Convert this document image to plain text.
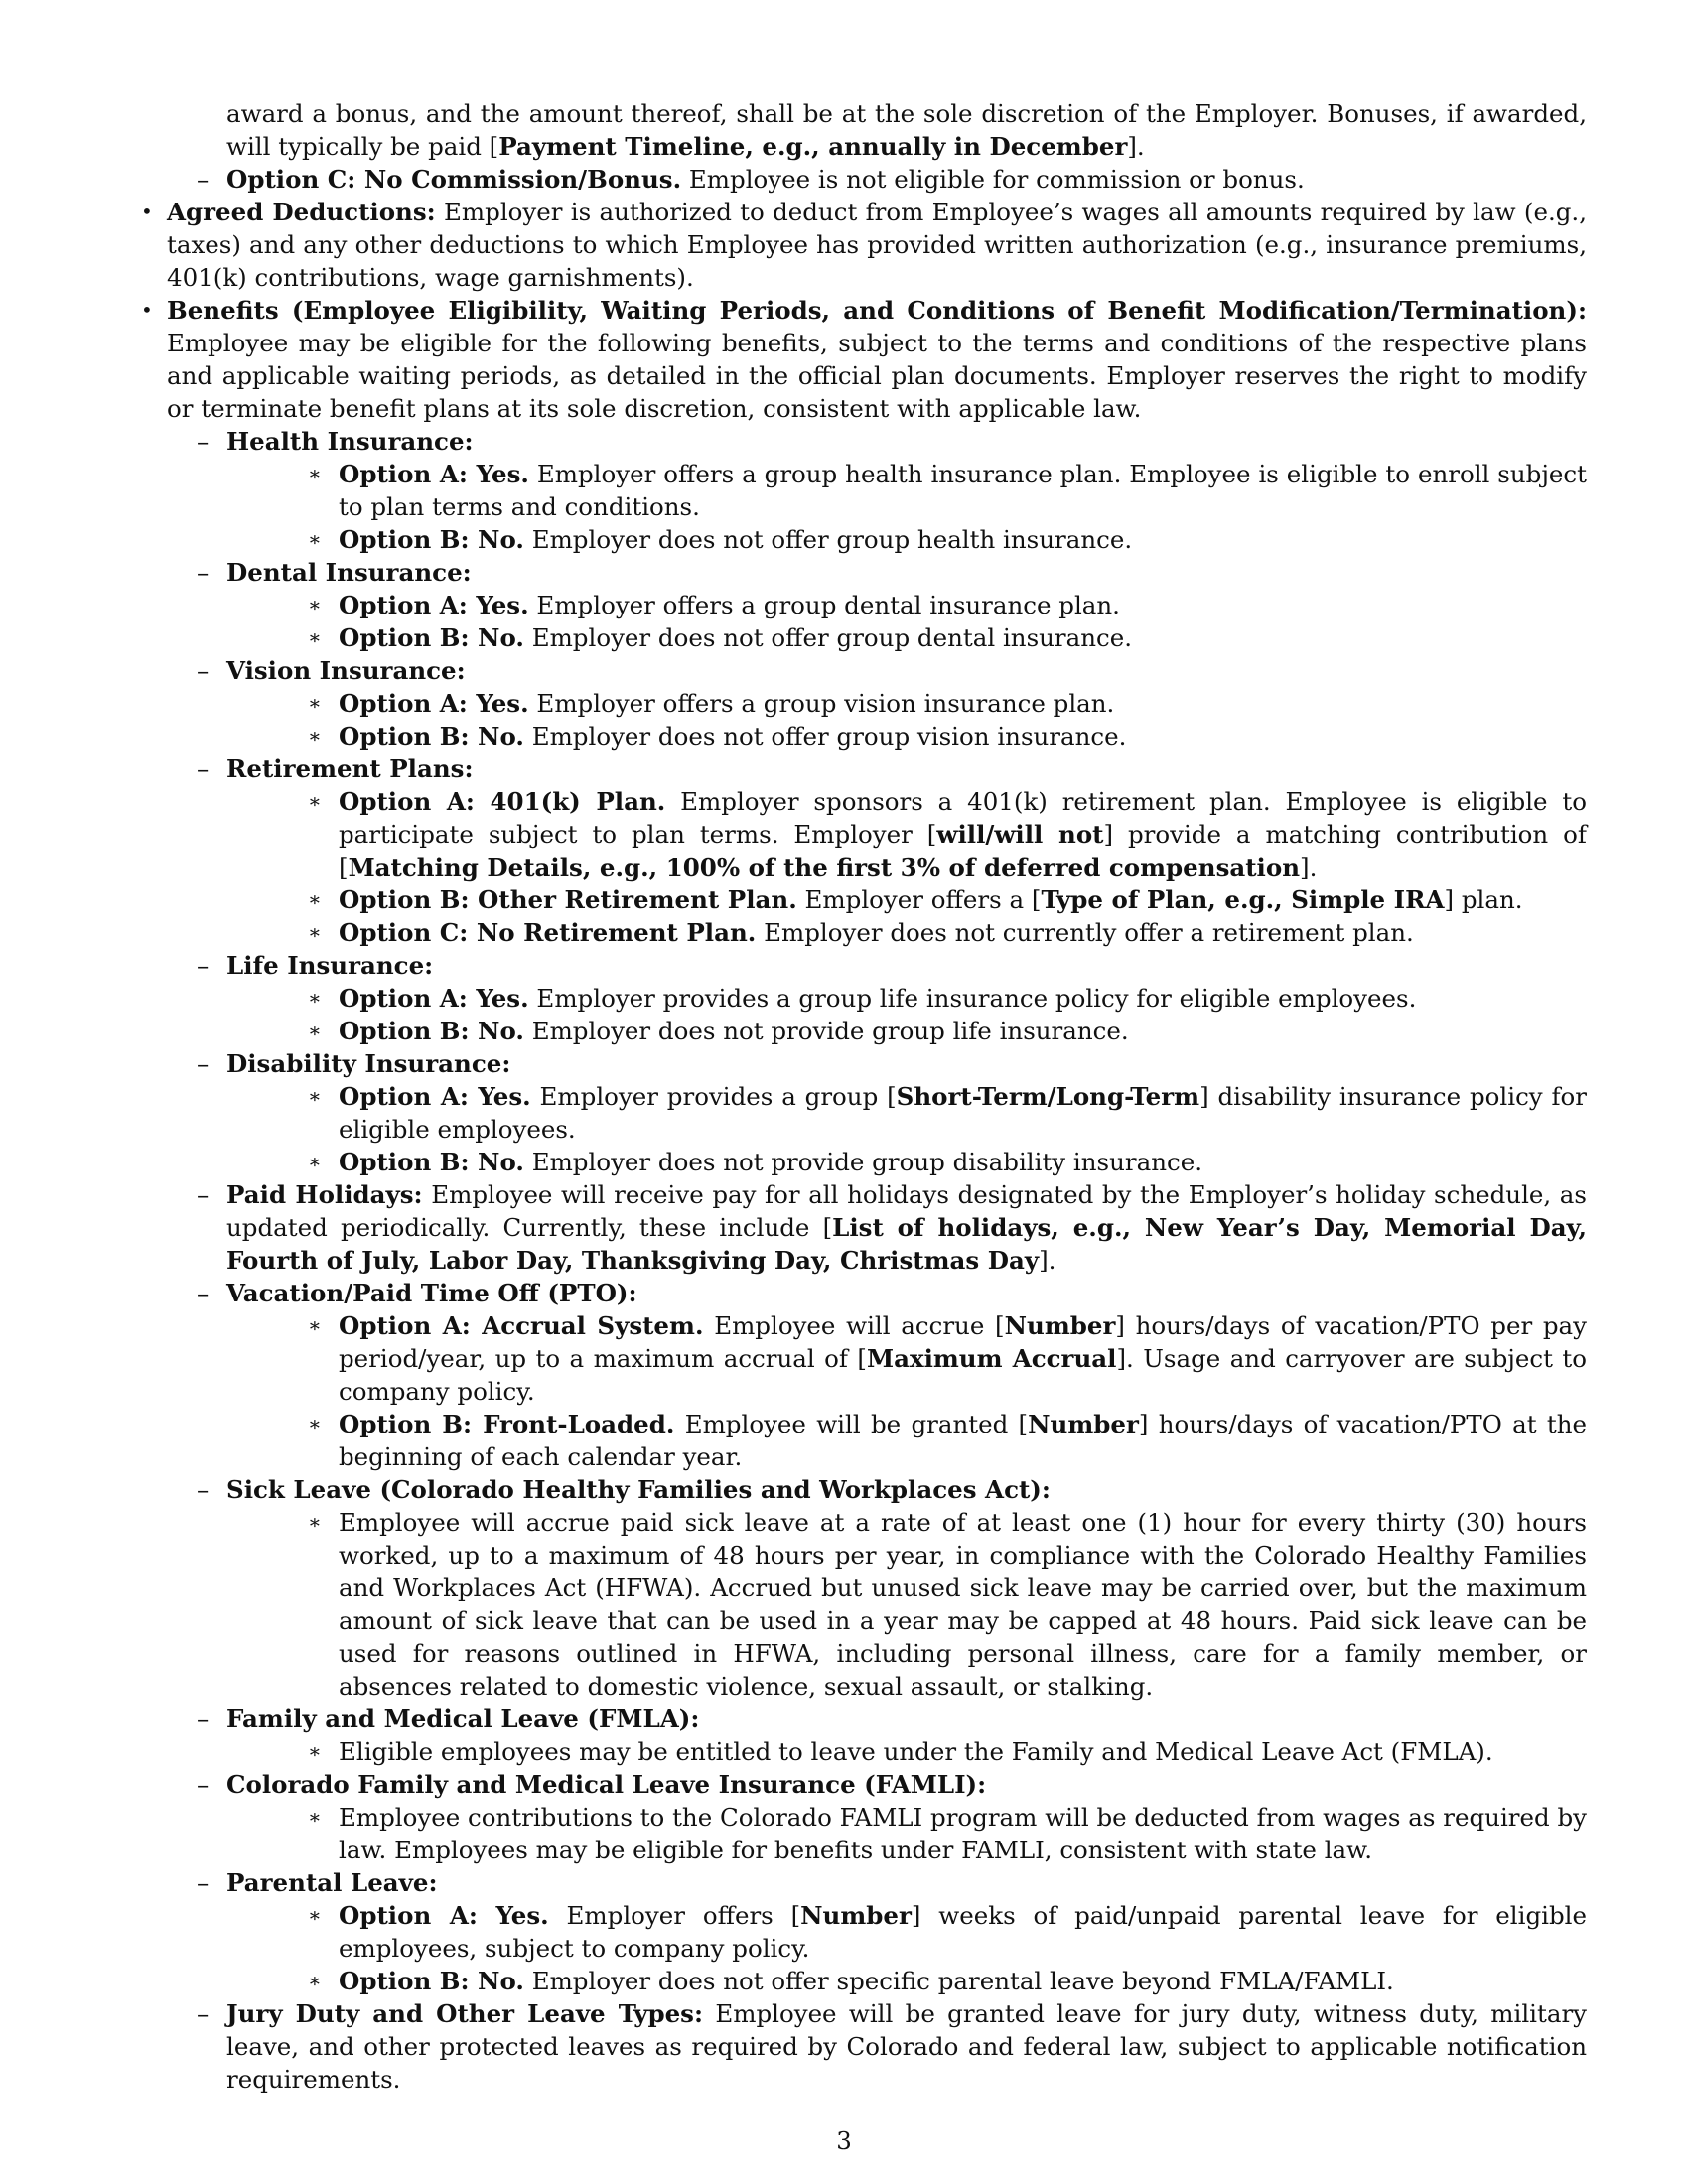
award a bonus, and the amount thereof, shall be at the sole discretion of the Employer. Bonuses, if awarded, will typically be paid [Payment Timeline, e.g., annually in December].

– Option C: No Commission/Bonus. Employee is not eligible for commission or bonus.
• Agreed Deductions: Employer is authorized to deduct from Employee’s wages all amounts required by law (e.g., taxes) and any other deductions to which Employee has provided written authorization (e.g., insurance premiums, 401(k) contributions, wage garnishments).
• Benefits (Employee Eligibility, Waiting Periods, and Conditions of Benefit Modification/Termination): Employee may be eligible for the following benefits, subject to the terms and conditions of the respective plans and applicable waiting periods, as detailed in the official plan documents. Employer reserves the right to modify or terminate benefit plans at its sole discretion, consistent with applicable law.
– Health Insurance:
∗ Option A: Yes. Employer offers a group health insurance plan. Employee is eligible to enroll subject to plan terms and conditions.
∗ Option B: No. Employer does not offer group health insurance.
– Dental Insurance:
∗ Option A: Yes. Employer offers a group dental insurance plan.
∗ Option B: No. Employer does not offer group dental insurance.
– Vision Insurance:
∗ Option A: Yes. Employer offers a group vision insurance plan.
∗ Option B: No. Employer does not offer group vision insurance.
– Retirement Plans:
∗ Option A: 401(k) Plan. Employer sponsors a 401(k) retirement plan. Employee is eligible to participate subject to plan terms. Employer [will/will not] provide a matching contribution of [Matching Details, e.g., 100% of the first 3% of deferred compensation].
∗ Option B: Other Retirement Plan. Employer offers a [Type of Plan, e.g., Simple IRA] plan.
∗ Option C: No Retirement Plan. Employer does not currently offer a retirement plan.
– Life Insurance:
∗ Option A: Yes. Employer provides a group life insurance policy for eligible employees.
∗ Option B: No. Employer does not provide group life insurance.
– Disability Insurance:
∗ Option A: Yes. Employer provides a group [Short-Term/Long-Term] disability insurance policy for eligible employees.
∗ Option B: No. Employer does not provide group disability insurance.
– Paid Holidays: Employee will receive pay for all holidays designated by the Employer’s holiday schedule, as updated periodically. Currently, these include [List of holidays, e.g., New Year’s Day, Memorial Day, Fourth of July, Labor Day, Thanksgiving Day, Christmas Day].
– Vacation/Paid Time Off (PTO):
∗ Option A: Accrual System. Employee will accrue [Number] hours/days of vacation/PTO per pay period/year, up to a maximum accrual of [Maximum Accrual]. Usage and carryover are subject to company policy.
∗ Option B: Front-Loaded. Employee will be granted [Number] hours/days of vacation/PTO at the beginning of each calendar year.
– Sick Leave (Colorado Healthy Families and Workplaces Act):
∗ Employee will accrue paid sick leave at a rate of at least one (1) hour for every thirty (30) hours worked, up to a maximum of 48 hours per year, in compliance with the Colorado Healthy Families and Workplaces Act (HFWA). Accrued but unused sick leave may be carried over, but the maximum amount of sick leave that can be used in a year may be capped at 48 hours. Paid sick leave can be used for reasons outlined in HFWA, including personal illness, care for a family member, or absences related to domestic violence, sexual assault, or stalking.
– Family and Medical Leave (FMLA):
∗ Eligible employees may be entitled to leave under the Family and Medical Leave Act (FMLA).
– Colorado Family and Medical Leave Insurance (FAMLI):
∗ Employee contributions to the Colorado FAMLI program will be deducted from wages as required by law. Employees may be eligible for benefits under FAMLI, consistent with state law.
– Parental Leave:
∗ Option A: Yes. Employer offers [Number] weeks of paid/unpaid parental leave for eligible employees, subject to company policy.
∗ Option B: No. Employer does not offer specific parental leave beyond FMLA/FAMLI.
– Jury Duty and Other Leave Types: Employee will be granted leave for jury duty, witness duty, military leave, and other protected leaves as required by Colorado and federal law, subject to applicable notification requirements.
3
